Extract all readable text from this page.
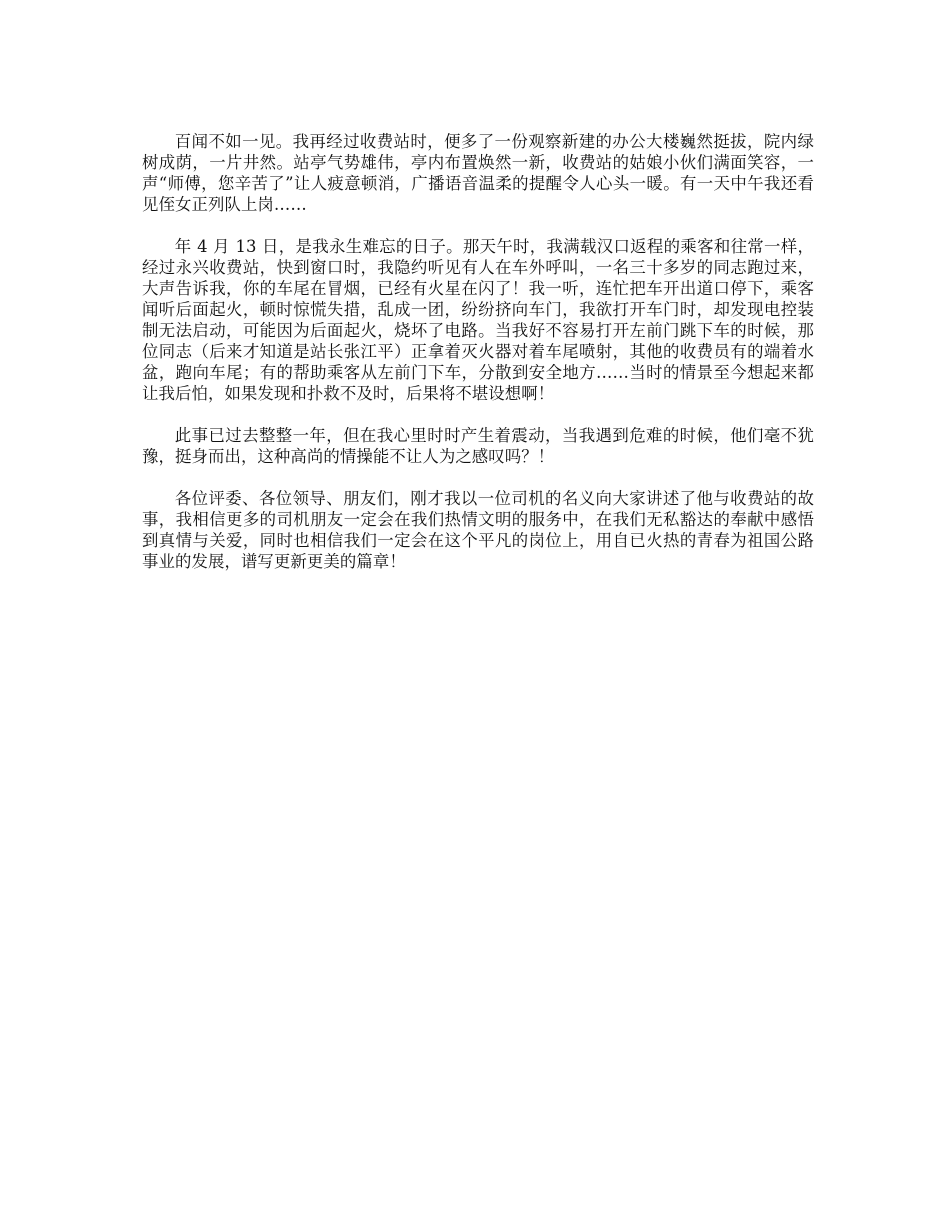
百闻不如一见。我再经过收费站时，便多了一份观察新建的办公大楼巍然挺拔，院内绿树成荫，一片井然。站亭气势雄伟，亭内布置焕然一新，收费站的姑娘小伙们满面笑容，一声“师傅，您辛苦了”让人疲意顿消，广播语音温柔的提醒令人心头一暖。有一天中午我还看见侄女正列队上岗……

年 4 月 13 日，是我永生难忘的日子。那天午时，我满载汉口返程的乘客和往常一样，经过永兴收费站，快到窗口时，我隐约听见有人在车外呼叫，一名三十多岁的同志跑过来，大声告诉我，你的车尾在冒烟，已经有火星在闪了！我一听，连忙把车开出道口停下，乘客闻听后面起火，顿时惊慌失措，乱成一团，纷纷挤向车门，我欲打开车门时，却发现电控装制无法启动，可能因为后面起火，烧坏了电路。当我好不容易打开左前门跳下车的时候，那位同志（后来才知道是站长张江平）正拿着灭火器对着车尾喷射，其他的收费员有的端着水盆，跑向车尾；有的帮助乘客从左前门下车，分散到安全地方……当时的情景至今想起来都让我后怕，如果发现和扑救不及时，后果将不堪设想啊！

此事已过去整整一年，但在我心里时时产生着震动，当我遇到危难的时候，他们毫不犹豫，挺身而出，这种高尚的情操能不让人为之感叹吗？！

各位评委、各位领导、朋友们，刚才我以一位司机的名义向大家讲述了他与收费站的故事，我相信更多的司机朋友一定会在我们热情文明的服务中，在我们无私豁达的奉献中感悟到真情与关爱，同时也相信我们一定会在这个平凡的岗位上，用自已火热的青春为祖国公路事业的发展，谱写更新更美的篇章！
